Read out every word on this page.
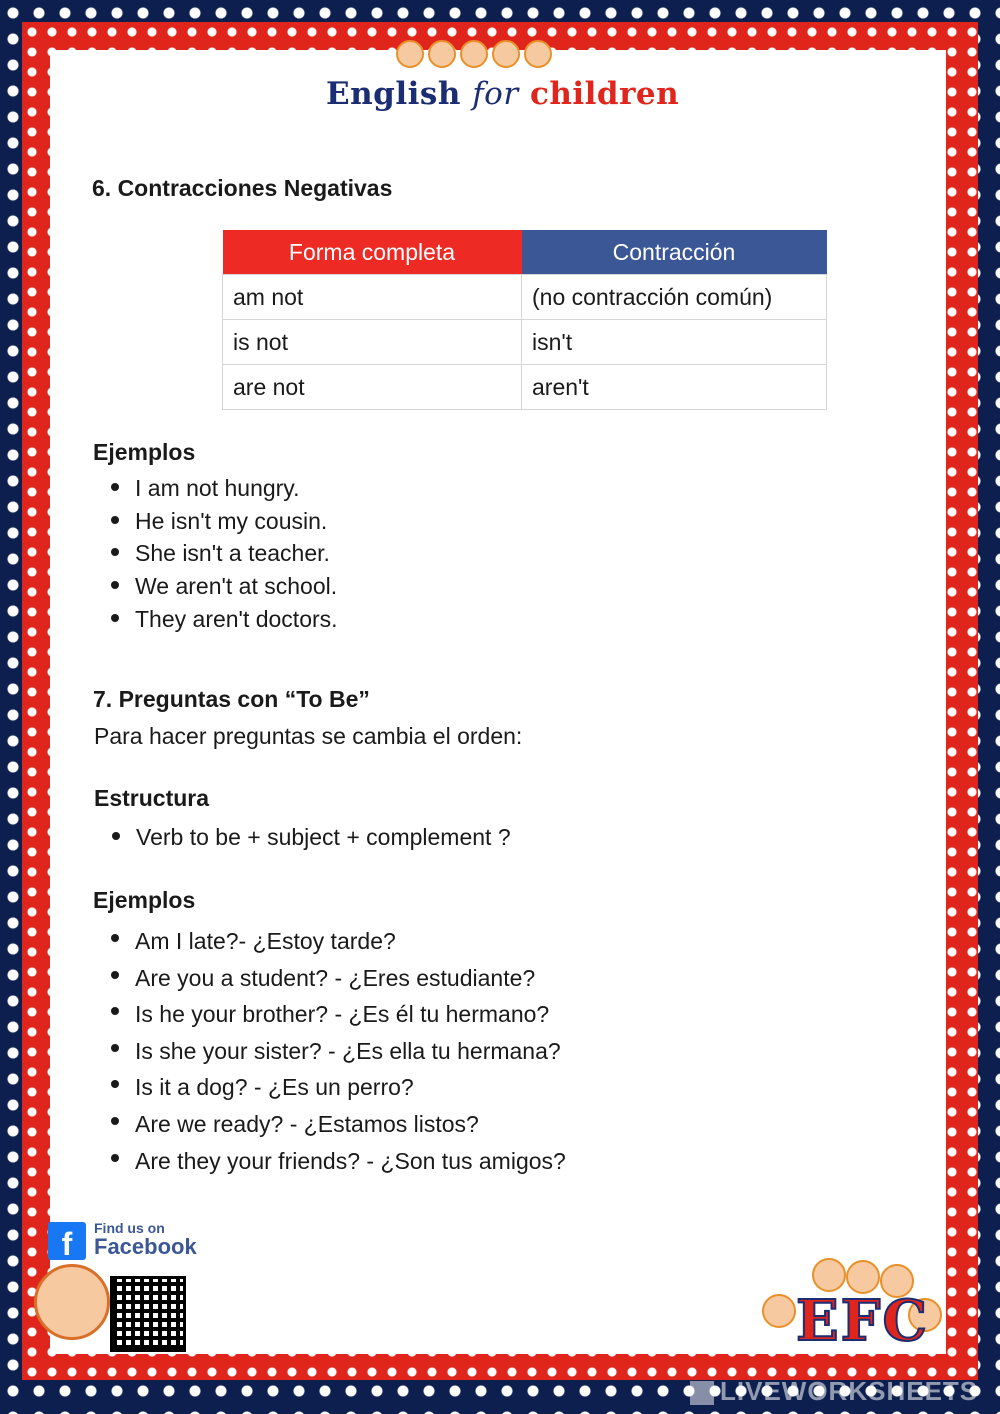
English for children
6. Contracciones Negativas
Forma completa	Contracción
am not	(no contracción común)
is not	isn't
are not	aren't
Ejemplos
I am not hungry.
He isn't my cousin.
She isn't a teacher.
We aren't at school.
They aren't doctors.
7. Preguntas con “To Be”

Para hacer preguntas se cambia el orden:

Estructura
Verb to be + subject + complement ?
Ejemplos
Am I late?- ¿Estoy tarde?
Are you a student? - ¿Eres estudiante?
Is he your brother? - ¿Es él tu hermano?
Is she your sister? - ¿Es ella tu hermana?
Is it a dog? - ¿Es un perro?
Are we ready? - ¿Estamos listos?
Are they your friends? - ¿Son tus amigos?
f	Find us on
Facebook
EFC
LIVEWORKSHEETS
